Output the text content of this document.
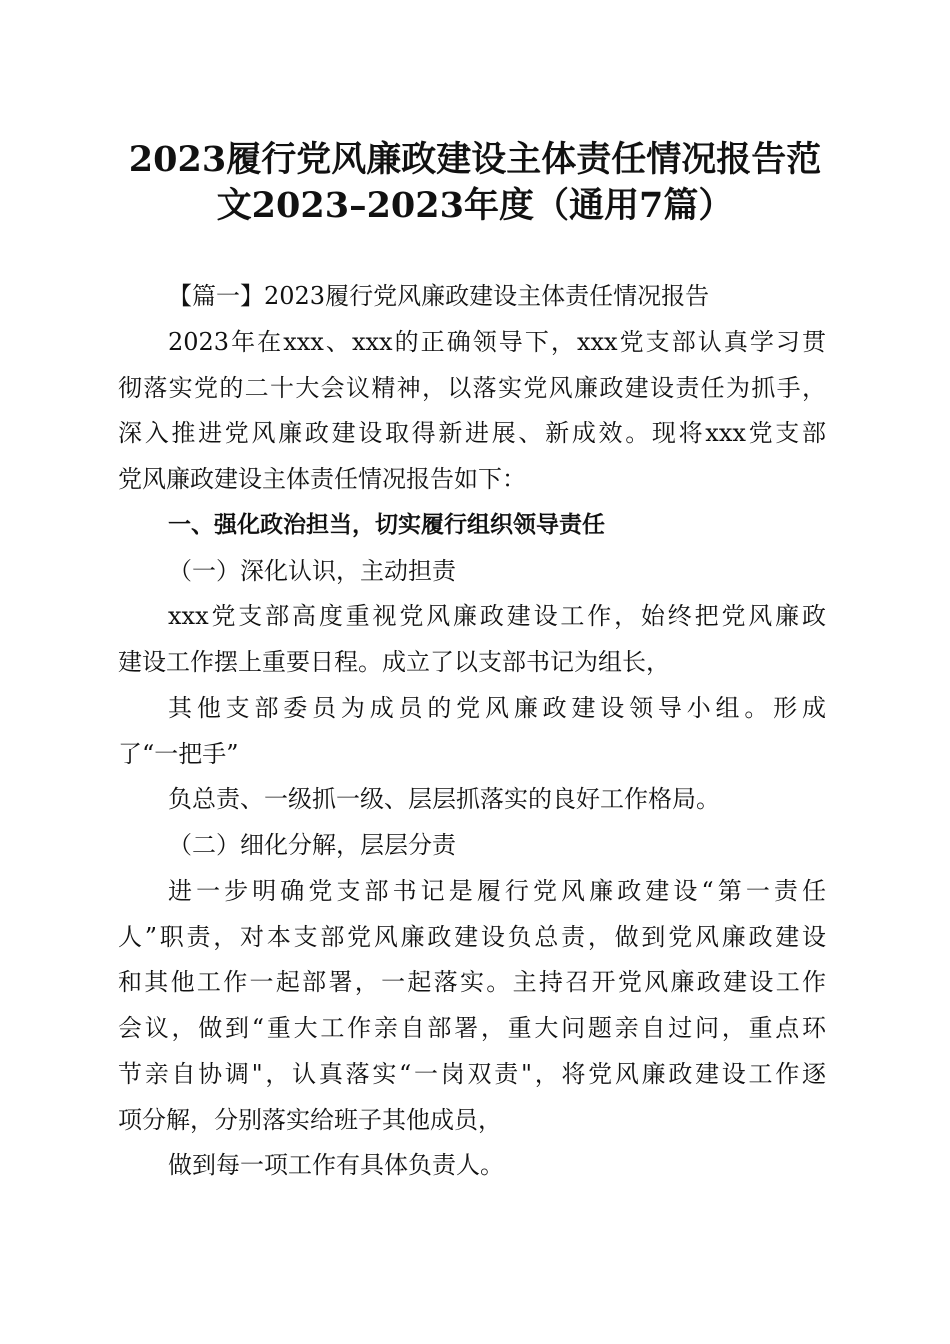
2023履行党风廉政建设主体责任情况报告范
文2023–2023年度（通用7篇）

【篇一】2023履行党风廉政建设主体责任情况报告

2023年在xxx、xxx的正确领导下，xxx党支部认真学习贯

彻落实党的二十大会议精神，以落实党风廉政建设责任为抓手，

深入推进党风廉政建设取得新进展、新成效。现将xxx党支部

党风廉政建设主体责任情况报告如下：

一、强化政治担当，切实履行组织领导责任

（一）深化认识，主动担责

xxx党支部高度重视党风廉政建设工作，始终把党风廉政

建设工作摆上重要日程。成立了以支部书记为组长，

其他支部委员为成员的党风廉政建设领导小组。形成

了“一把手”

负总责、一级抓一级、层层抓落实的良好工作格局。

（二）细化分解，层层分责

进一步明确党支部书记是履行党风廉政建设“第一责任

人”职责，对本支部党风廉政建设负总责，做到党风廉政建设

和其他工作一起部署，一起落实。主持召开党风廉政建设工作

会议，做到“重大工作亲自部署，重大问题亲自过问，重点环

节亲自协调"，认真落实“一岗双责"，将党风廉政建设工作逐

项分解，分别落实给班子其他成员，

做到每一项工作有具体负责人。
